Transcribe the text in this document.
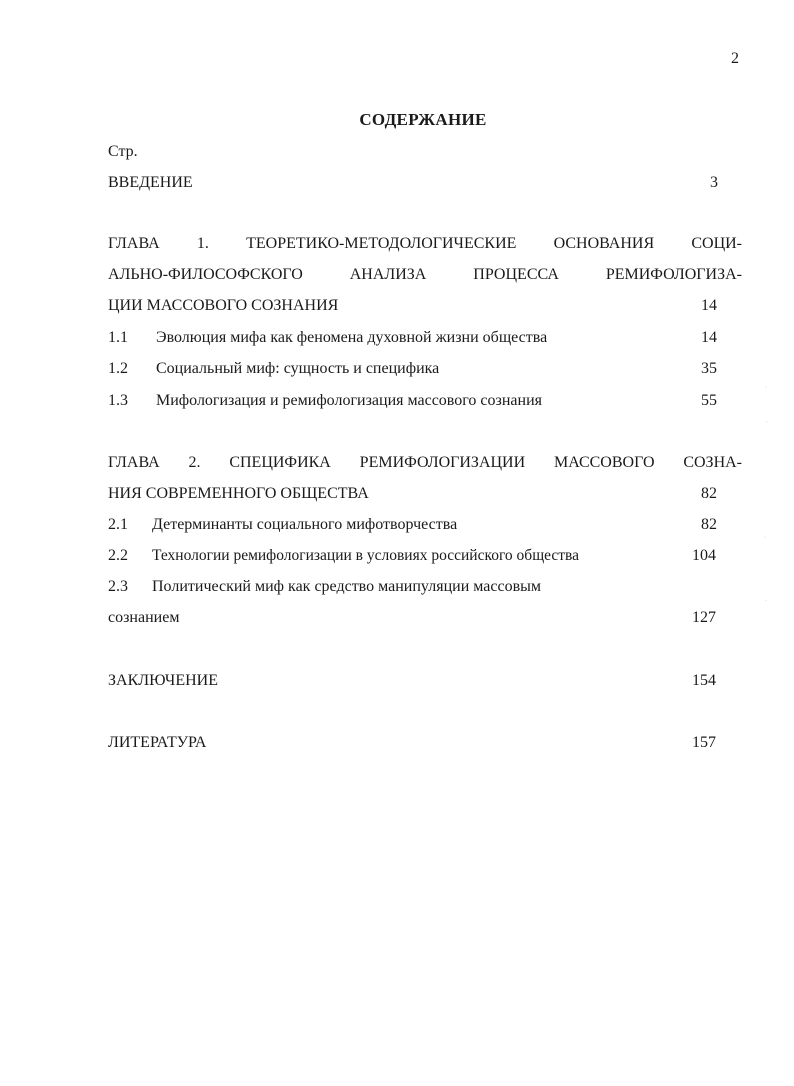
2
СОДЕРЖАНИЕ
Стр.
ВВЕДЕНИЕ	3
ГЛАВА 1. ТЕОРЕТИКО-МЕТОДОЛОГИЧЕСКИЕ ОСНОВАНИЯ СОЦИ-
АЛЬНО-ФИЛОСОФСКОГО АНАЛИЗА ПРОЦЕССА РЕМИФОЛОГИЗА-
ЦИИ МАССОВОГО СОЗНАНИЯ	14
1.1 Эволюция мифа как феномена духовной жизни общества	14
1.2 Социальный миф: сущность и специфика	35
1.3 Мифологизация и ремифологизация массового сознания	55
ГЛАВА 2. СПЕЦИФИКА РЕМИФОЛОГИЗАЦИИ МАССОВОГО СОЗНА-
НИЯ СОВРЕМЕННОГО ОБЩЕСТВА	82
2.1 Детерминанты социального мифотворчества	82
2.2 Технологии ремифологизации в условиях российского общества	104
2.3 Политический миф как средство манипуляции массовым
сознанием	127
ЗАКЛЮЧЕНИЕ	154
ЛИТЕРАТУРА	157
·
·
·
·
